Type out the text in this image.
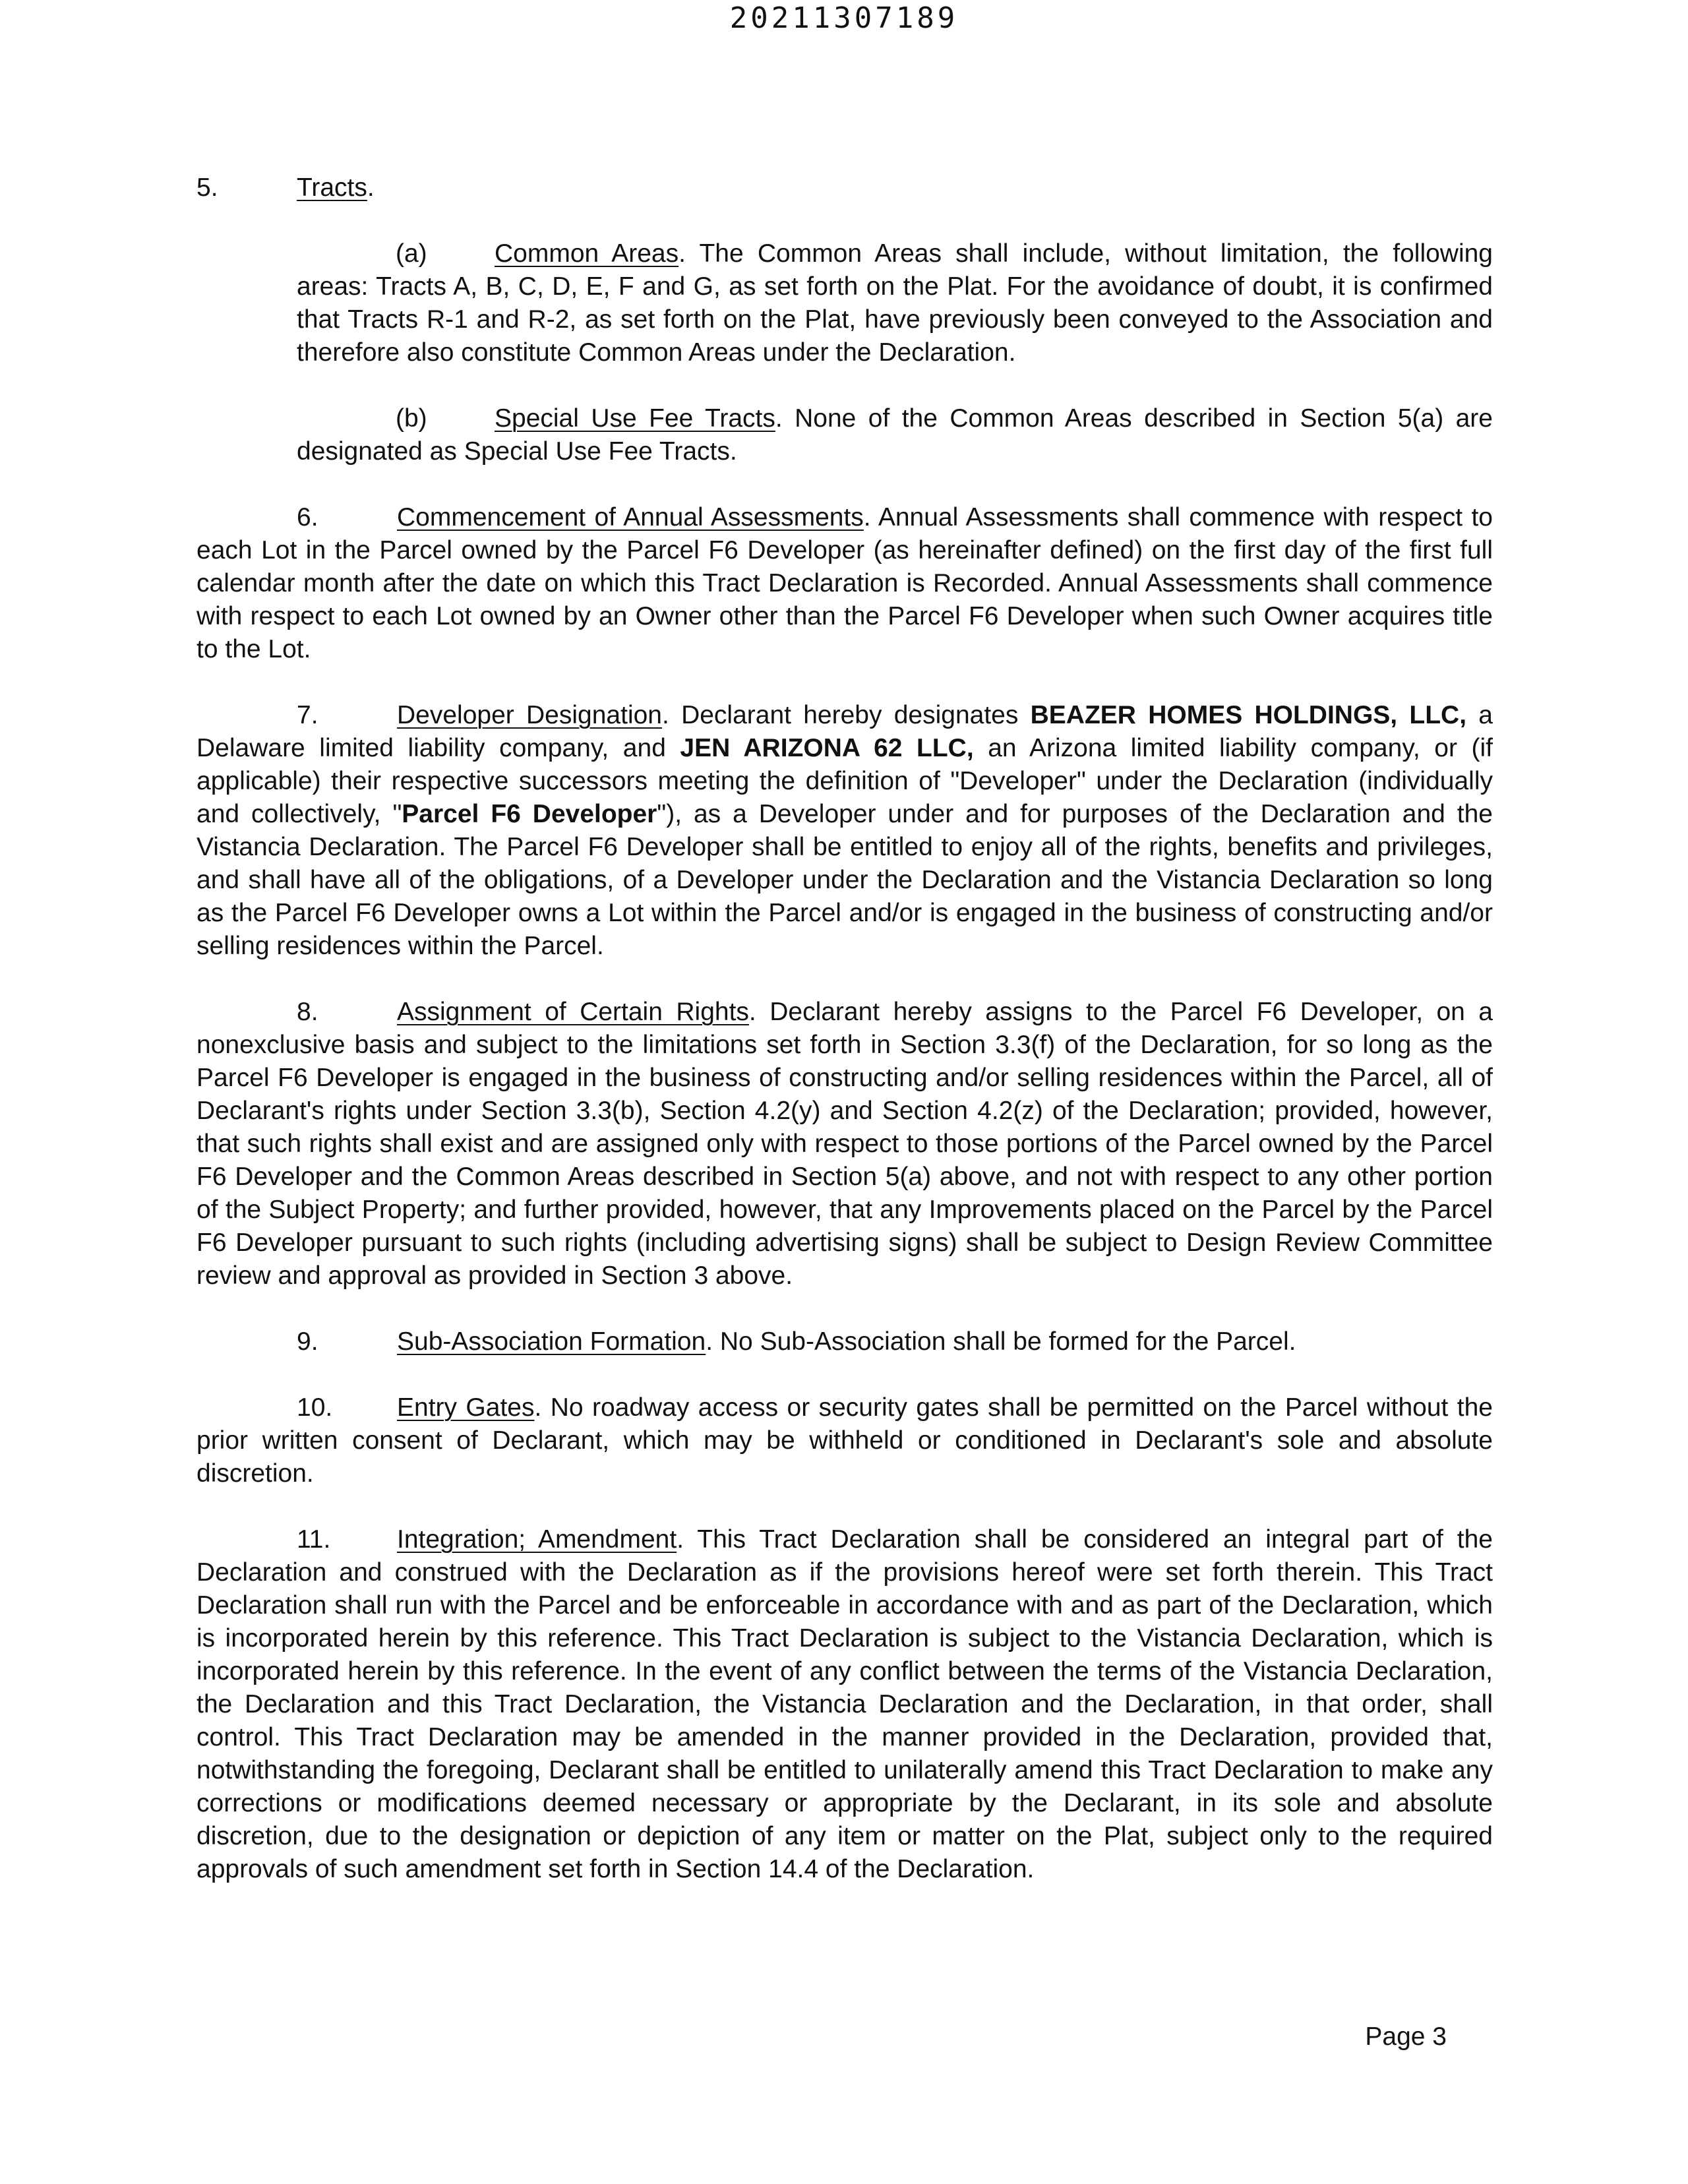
20211307189
5.	Tracts.

(a)	Common Areas. The Common Areas shall include, without limitation, the following areas: Tracts A, B, C, D, E, F and G, as set forth on the Plat. For the avoidance of doubt, it is confirmed that Tracts R-1 and R-2, as set forth on the Plat, have previously been conveyed to the Association and therefore also constitute Common Areas under the Declaration.

(b)	Special Use Fee Tracts. None of the Common Areas described in Section 5(a) are designated as Special Use Fee Tracts.

6.	Commencement of Annual Assessments. Annual Assessments shall commence with respect to each Lot in the Parcel owned by the Parcel F6 Developer (as hereinafter defined) on the first day of the first full calendar month after the date on which this Tract Declaration is Recorded. Annual Assessments shall commence with respect to each Lot owned by an Owner other than the Parcel F6 Developer when such Owner acquires title to the Lot.

7.	Developer Designation. Declarant hereby designates BEAZER HOMES HOLDINGS, LLC, a Delaware limited liability company, and JEN ARIZONA 62 LLC, an Arizona limited liability company, or (if applicable) their respective successors meeting the definition of "Developer" under the Declaration (individually and collectively, "Parcel F6 Developer"), as a Developer under and for purposes of the Declaration and the Vistancia Declaration. The Parcel F6 Developer shall be entitled to enjoy all of the rights, benefits and privileges, and shall have all of the obligations, of a Developer under the Declaration and the Vistancia Declaration so long as the Parcel F6 Developer owns a Lot within the Parcel and/or is engaged in the business of constructing and/or selling residences within the Parcel.

8.	Assignment of Certain Rights. Declarant hereby assigns to the Parcel F6 Developer, on a nonexclusive basis and subject to the limitations set forth in Section 3.3(f) of the Declaration, for so long as the Parcel F6 Developer is engaged in the business of constructing and/or selling residences within the Parcel, all of Declarant's rights under Section 3.3(b), Section 4.2(y) and Section 4.2(z) of the Declaration; provided, however, that such rights shall exist and are assigned only with respect to those portions of the Parcel owned by the Parcel F6 Developer and the Common Areas described in Section 5(a) above, and not with respect to any other portion of the Subject Property; and further provided, however, that any Improvements placed on the Parcel by the Parcel F6 Developer pursuant to such rights (including advertising signs) shall be subject to Design Review Committee review and approval as provided in Section 3 above.

9.	Sub-Association Formation. No Sub-Association shall be formed for the Parcel.

10.	Entry Gates. No roadway access or security gates shall be permitted on the Parcel without the prior written consent of Declarant, which may be withheld or conditioned in Declarant's sole and absolute discretion.

11.	Integration; Amendment. This Tract Declaration shall be considered an integral part of the Declaration and construed with the Declaration as if the provisions hereof were set forth therein. This Tract Declaration shall run with the Parcel and be enforceable in accordance with and as part of the Declaration, which is incorporated herein by this reference. This Tract Declaration is subject to the Vistancia Declaration, which is incorporated herein by this reference. In the event of any conflict between the terms of the Vistancia Declaration, the Declaration and this Tract Declaration, the Vistancia Declaration and the Declaration, in that order, shall control. This Tract Declaration may be amended in the manner provided in the Declaration, provided that, notwithstanding the foregoing, Declarant shall be entitled to unilaterally amend this Tract Declaration to make any corrections or modifications deemed necessary or appropriate by the Declarant, in its sole and absolute discretion, due to the designation or depiction of any item or matter on the Plat, subject only to the required approvals of such amendment set forth in Section 14.4 of the Declaration.

Page 3
